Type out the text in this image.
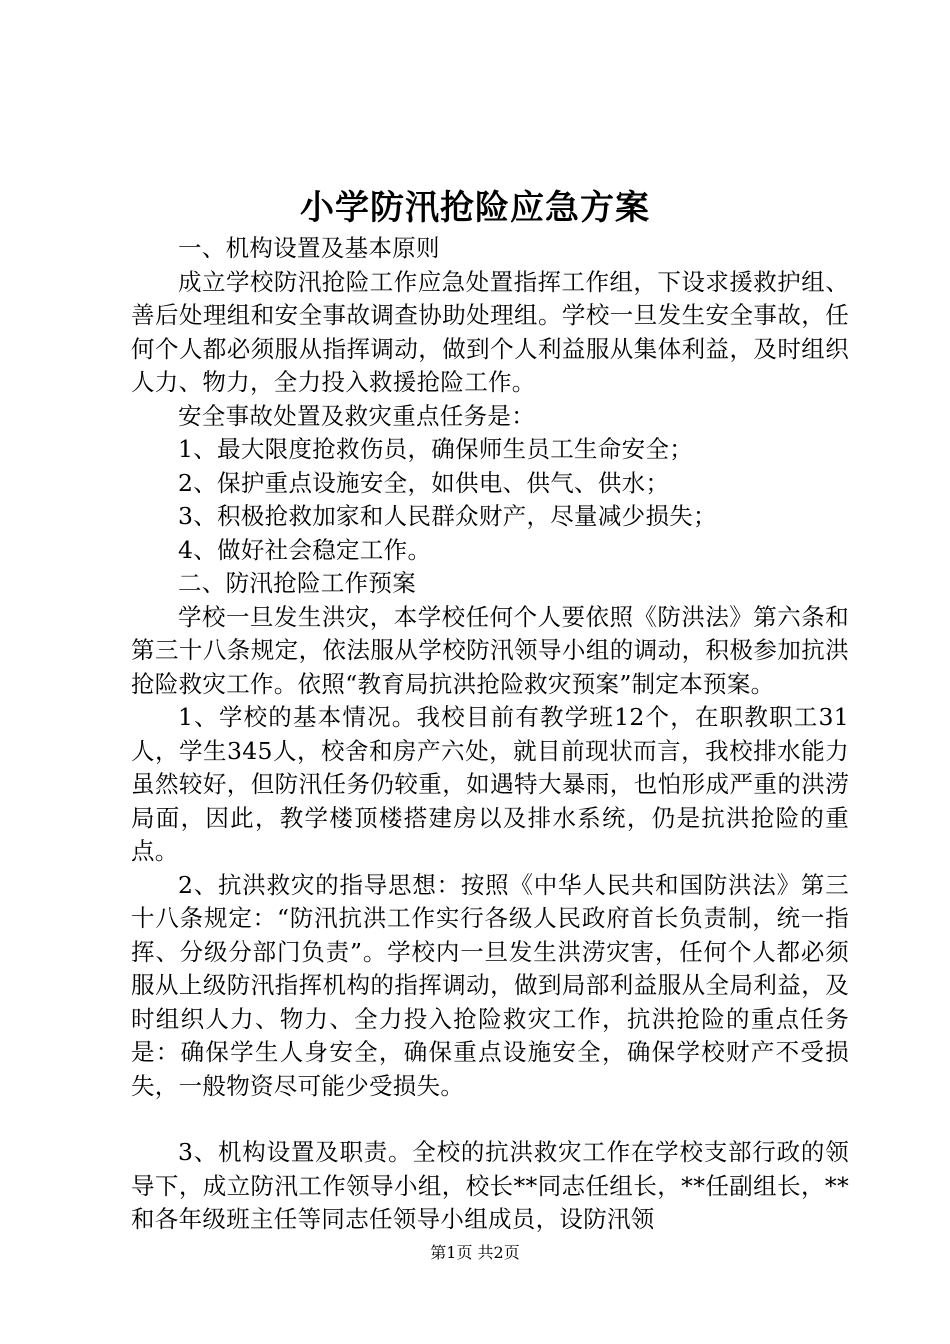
小学防汛抢险应急方案

一、机构设置及基本原则

成立学校防汛抢险工作应急处置指挥工作组，下设求援救护组、善后处理组和安全事故调查协助处理组。学校一旦发生安全事故，任何个人都必须服从指挥调动，做到个人利益服从集体利益，及时组织人力、物力，全力投入救援抢险工作。

安全事故处置及救灾重点任务是：

1、最大限度抢救伤员，确保师生员工生命安全；

2、保护重点设施安全，如供电、供气、供水；

3、积极抢救加家和人民群众财产，尽量减少损失；

4、做好社会稳定工作。

二、防汛抢险工作预案

学校一旦发生洪灾，本学校任何个人要依照《防洪法》第六条和第三十八条规定，依法服从学校防汛领导小组的调动，积极参加抗洪抢险救灾工作。依照“教育局抗洪抢险救灾预案”制定本预案。

1、学校的基本情况。我校目前有教学班12个，在职教职工31人，学生345人，校舍和房产六处，就目前现状而言，我校排水能力虽然较好，但防汛任务仍较重，如遇特大暴雨，也怕形成严重的洪涝局面，因此，教学楼顶楼搭建房以及排水系统，仍是抗洪抢险的重点。

2、抗洪救灾的指导思想：按照《中华人民共和国防洪法》第三十八条规定：“防汛抗洪工作实行各级人民政府首长负责制，统一指挥、分级分部门负责”。学校内一旦发生洪涝灾害，任何个人都必须服从上级防汛指挥机构的指挥调动，做到局部利益服从全局利益，及时组织人力、物力、全力投入抢险救灾工作，抗洪抢险的重点任务是：确保学生人身安全，确保重点设施安全，确保学校财产不受损失，一般物资尽可能少受损失。

3、机构设置及职责。全校的抗洪救灾工作在学校支部行政的领导下，成立防汛工作领导小组，校长**同志任组长，**任副组长，**和各年级班主任等同志任领导小组成员，设防汛领

第1页 共2页
